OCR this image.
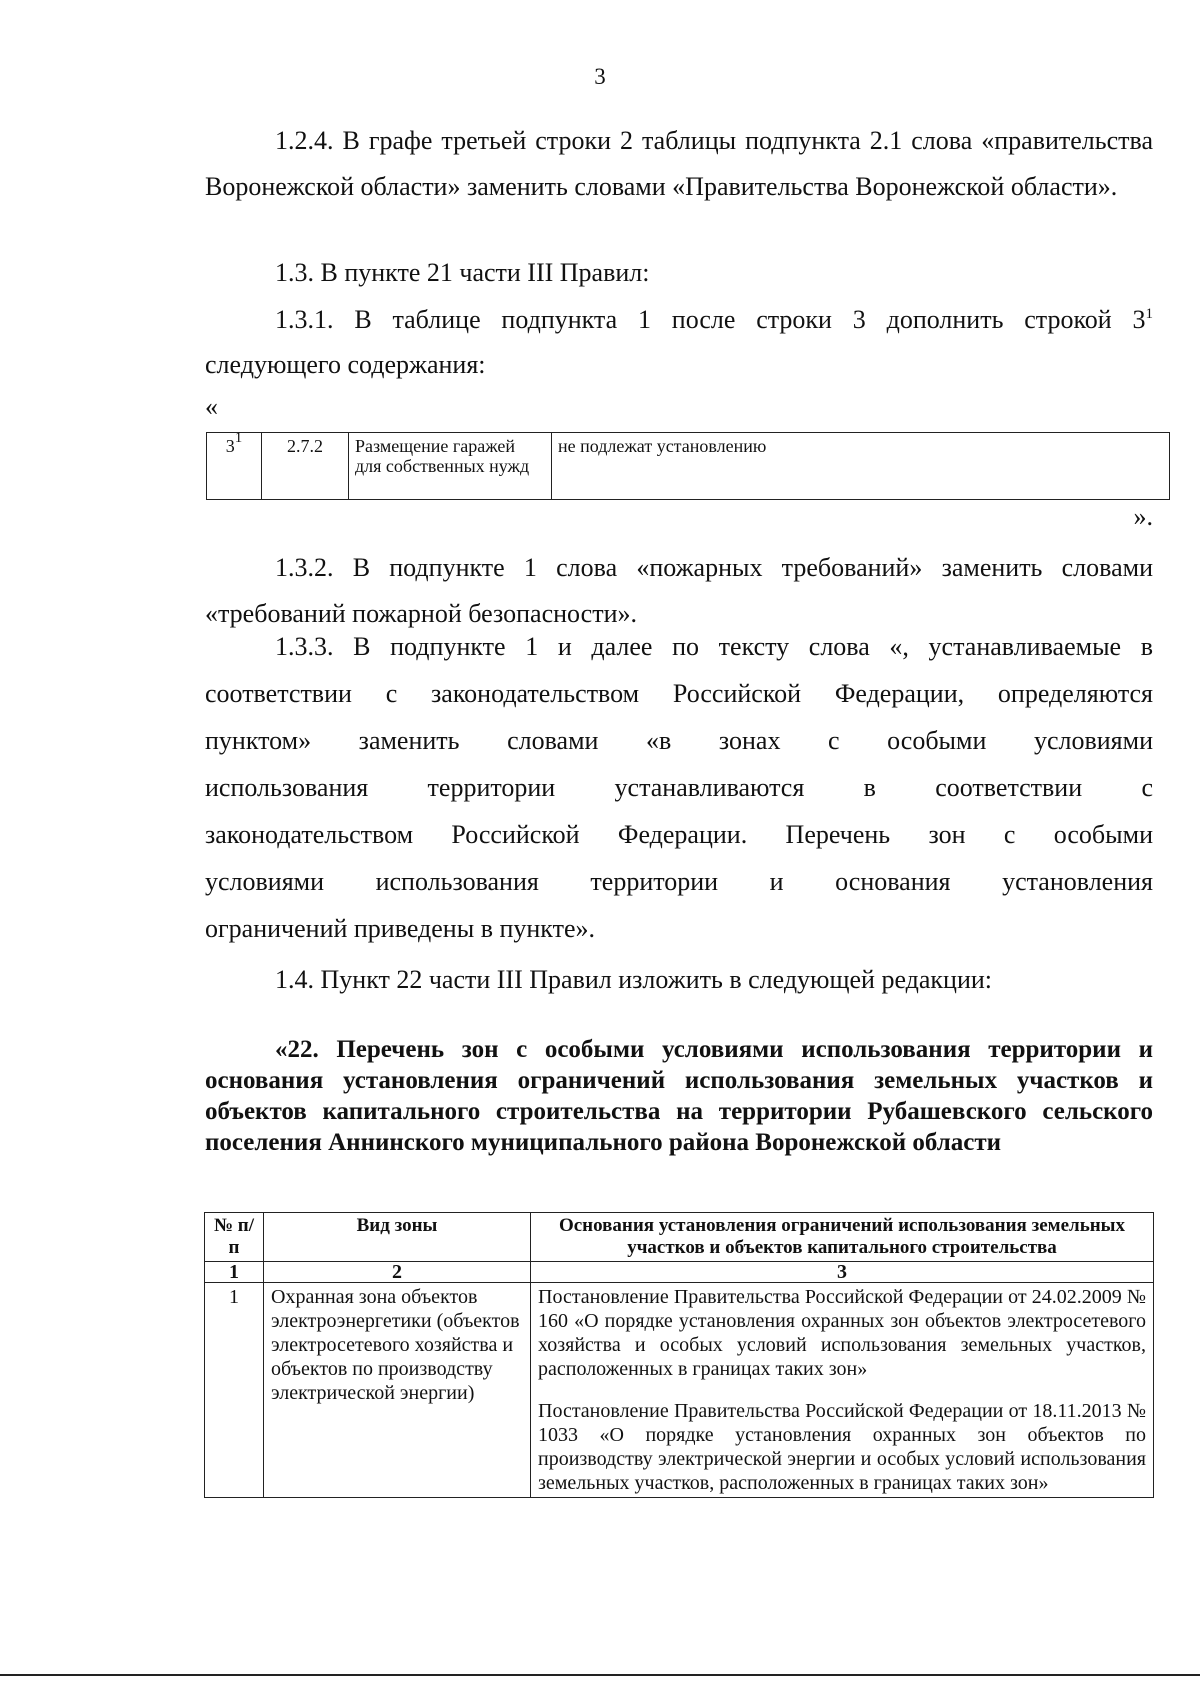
3

1.2.4. В графе третьей строки 2 таблицы подпункта 2.1 слова «правительства Воронежской области» заменить словами «Правительства Воронежской области».

1.3. В пункте 21 части III Правил:

1.3.1. В таблице подпункта 1 после строки 3 дополнить строкой $3^1$

следующего содержания:

«
$3^1$	2.7.2	Размещение гаражей для собственных нужд	не подлежат установлению
».

1.3.2. В подпункте 1 слова «пожарных требований» заменить словами «требований пожарной безопасности».

1.3.3. В подпункте 1 и далее по тексту слова «, устанавливаемые в

соответствии с законодательством Российской Федерации, определяются

пунктом» заменить словами «в зонах с особыми условиями

использования территории устанавливаются в соответствии с

законодательством Российской Федерации. Перечень зон с особыми

условиями использования территории и основания установления

ограничений приведены в пункте».

1.4. Пункт 22 части III Правил изложить в следующей редакции:

«22. Перечень зон с особыми условиями использования территории и основания установления ограничений использования земельных участков и объектов капитального строительства на территории Рубашевского сельского поселения Аннинского муниципального района Воронежской области

№ п/п	Вид зоны	Основания установления ограничений использования земельных участков и объектов капитального строительства
1	2	3
1	Охранная зона объектов электроэнергетики (объектов электросетевого хозяйства и объектов по производству электрической энергии)	Постановление Правительства Российской Федерации от 24.02.2009 № 160 «О порядке установления охранных зон объектов электросетевого хозяйства и особых условий использования земельных участков, расположенных в границах таких зон»

Постановление Правительства Российской Федерации от 18.11.2013 № 1033 «О порядке установления охранных зон объектов по производству электрической энергии и особых условий использования земельных участков, расположенных в границах таких зон»
